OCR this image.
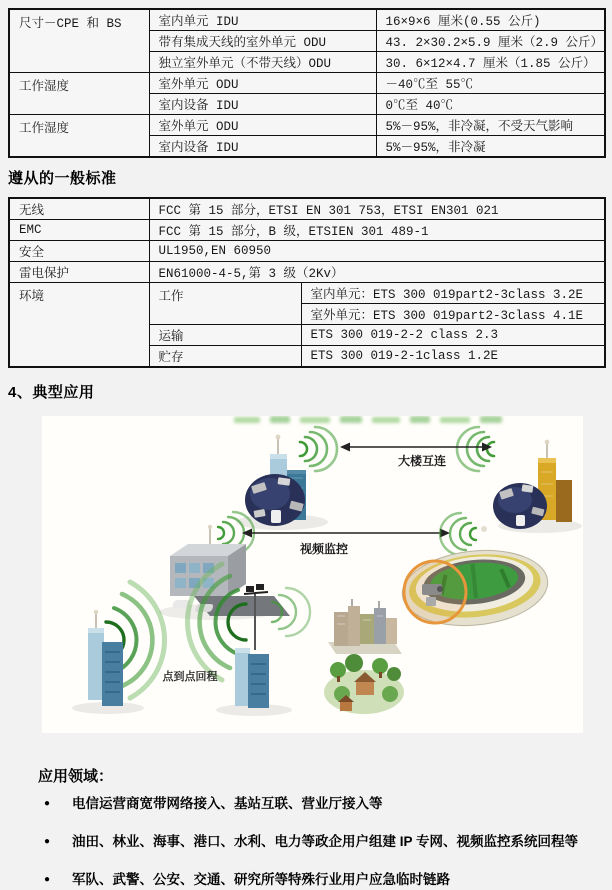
尺寸－CPE 和 BS	室内单元 IDU	16×9×6 厘米(0.55 公斤)
	带有集成天线的室外单元 ODU	43. 2×30.2×5.9 厘米（2.9 公斤）
	独立室外单元（不带天线）ODU	30. 6×12×4.7 厘米（1.85 公斤）
工作湿度	室外单元 ODU	－40℃至 55℃
	室内设备 IDU	0℃至 40℃
工作湿度	室外单元 ODU	5%－95%，非冷凝，不受天气影响
	室内设备 IDU	5%－95%，非冷凝
遵从的一般标准
无线	FCC 第 15 部分，ETSI EN 301 753，ETSI EN301 021	
EMC	FCC 第 15 部分，B 级，ETSIEN 301 489-1	
安全	UL1950,EN 60950	
雷电保护	EN61000-4-5,第 3 级（2Kv）	
环境	工作	室内单元：ETS 300 019part2-3class 3.2E
		室外单元：ETS 300 019part2-3class 4.1E
	运输	ETS 300 019-2-2 class 2.3
	贮存	ETS 300 019-2-1class 1.2E
4、典型应用
大楼互连
视频监控
点到点回程
应用领域：
● 电信运营商宽带网络接入、基站互联、营业厅接入等
● 油田、林业、海事、港口、水利、电力等政企用户组建 IP 专网、视频监控系统回程等
● 军队、武警、公安、交通、研究所等特殊行业用户应急临时链路
